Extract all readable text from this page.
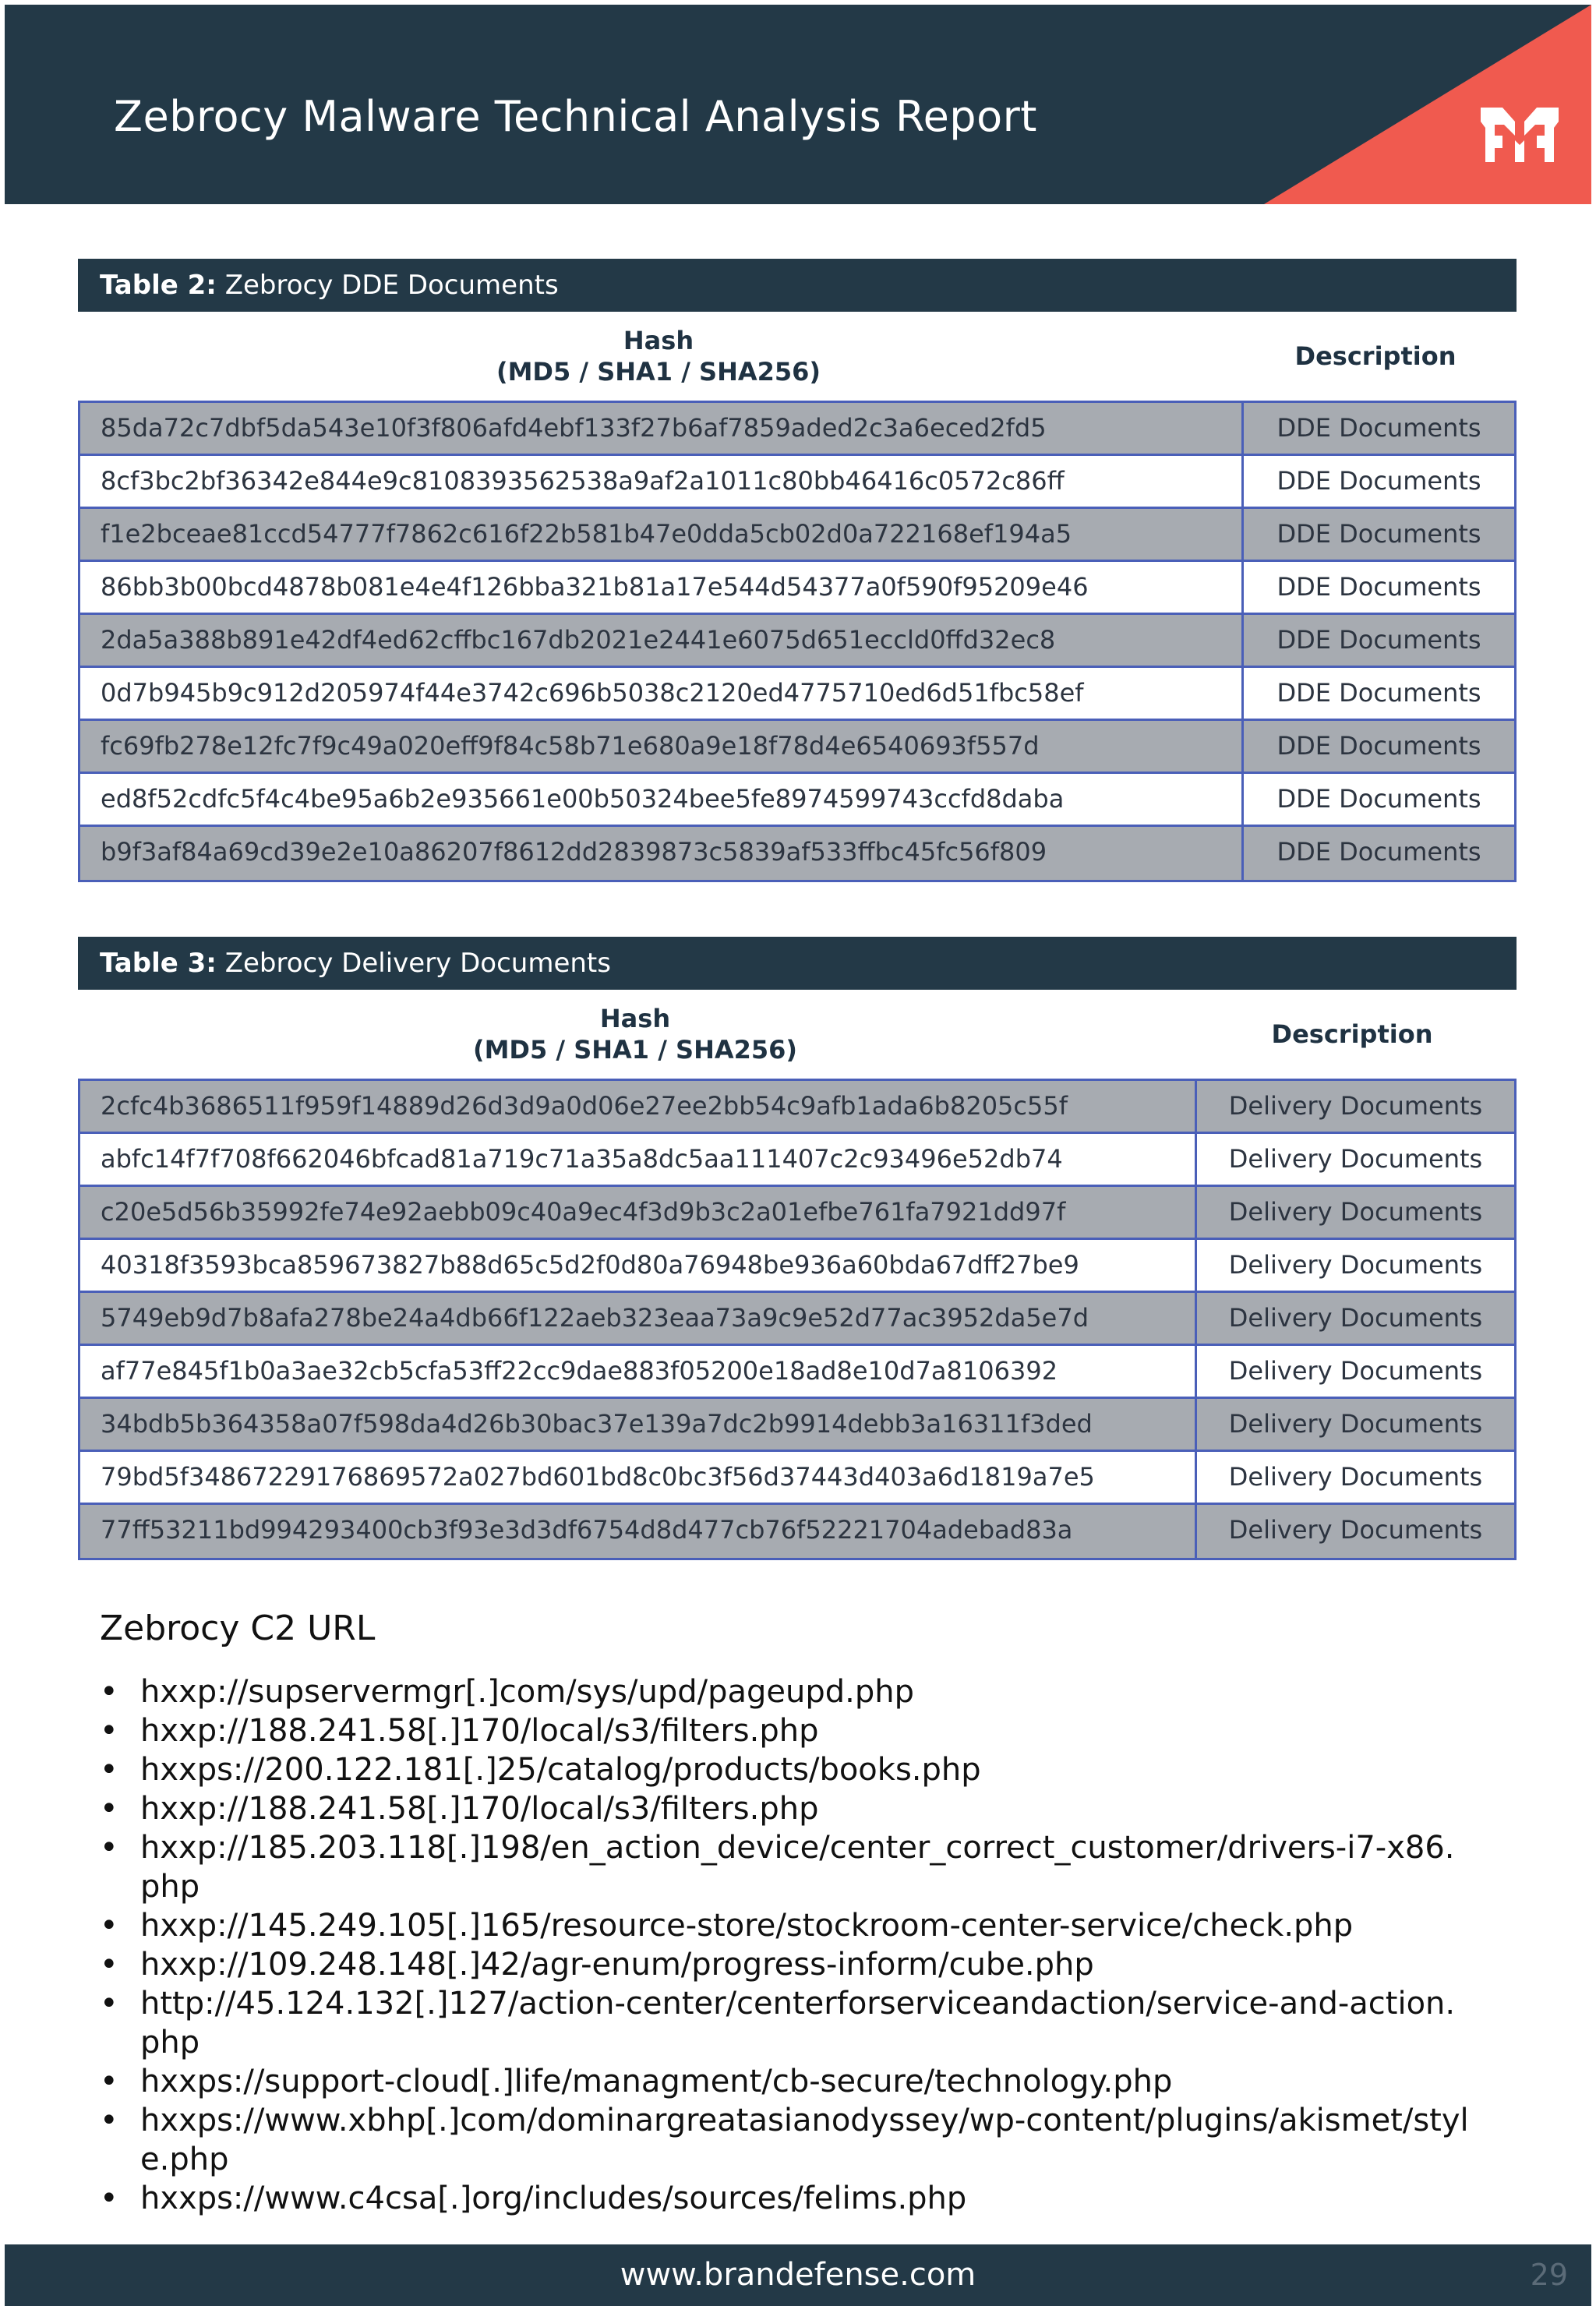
Zebrocy Malware Technical Analysis Report
Table 2: Zebrocy DDE Documents
Hash
(MD5 / SHA1 / SHA256)
Description
85da72c7dbf5da543e10f3f806afd4ebf133f27b6af7859aded2c3a6eced2fd5	DDE Documents
8cf3bc2bf36342e844e9c8108393562538a9af2a1011c80bb46416c0572c86ff	DDE Documents
f1e2bceae81ccd54777f7862c616f22b581b47e0dda5cb02d0a722168ef194a5	DDE Documents
86bb3b00bcd4878b081e4e4f126bba321b81a17e544d54377a0f590f95209e46	DDE Documents
2da5a388b891e42df4ed62cffbc167db2021e2441e6075d651eccld0ffd32ec8	DDE Documents
0d7b945b9c912d205974f44e3742c696b5038c2120ed4775710ed6d51fbc58ef	DDE Documents
fc69fb278e12fc7f9c49a020eff9f84c58b71e680a9e18f78d4e6540693f557d	DDE Documents
ed8f52cdfc5f4c4be95a6b2e935661e00b50324bee5fe8974599743ccfd8daba	DDE Documents
b9f3af84a69cd39e2e10a86207f8612dd2839873c5839af533ffbc45fc56f809	DDE Documents
Table 3: Zebrocy Delivery Documents
Hash
(MD5 / SHA1 / SHA256)
Description
2cfc4b3686511f959f14889d26d3d9a0d06e27ee2bb54c9afb1ada6b8205c55f	Delivery Documents
abfc14f7f708f662046bfcad81a719c71a35a8dc5aa111407c2c93496e52db74	Delivery Documents
c20e5d56b35992fe74e92aebb09c40a9ec4f3d9b3c2a01efbe761fa7921dd97f	Delivery Documents
40318f3593bca859673827b88d65c5d2f0d80a76948be936a60bda67dff27be9	Delivery Documents
5749eb9d7b8afa278be24a4db66f122aeb323eaa73a9c9e52d77ac3952da5e7d	Delivery Documents
af77e845f1b0a3ae32cb5cfa53ff22cc9dae883f05200e18ad8e10d7a8106392	Delivery Documents
34bdb5b364358a07f598da4d26b30bac37e139a7dc2b9914debb3a16311f3ded	Delivery Documents
79bd5f34867229176869572a027bd601bd8c0bc3f56d37443d403a6d1819a7e5	Delivery Documents
77ff53211bd994293400cb3f93e3d3df6754d8d477cb76f52221704adebad83a	Delivery Documents
Zebrocy C2 URL
• hxxp://supservermgr[.]com/sys/upd/pageupd.php
• hxxp://188.241.58[.]170/local/s3/filters.php
• hxxps://200.122.181[.]25/catalog/products/books.php
• hxxp://188.241.58[.]170/local/s3/filters.php
• hxxp://185.203.118[.]198/en_action_device/center_correct_customer/drivers-i7-x86.php
• hxxp://145.249.105[.]165/resource-store/stockroom-center-service/check.php
• hxxp://109.248.148[.]42/agr-enum/progress-inform/cube.php
• http://45.124.132[.]127/action-center/centerforserviceandaction/service-and-action.php
• hxxps://support-cloud[.]life/managment/cb-secure/technology.php
• hxxps://www.xbhp[.]com/dominargreatasianodyssey/wp-content/plugins/akismet/style.php
• hxxps://www.c4csa[.]org/includes/sources/felims.php
www.brandefense.com	29
